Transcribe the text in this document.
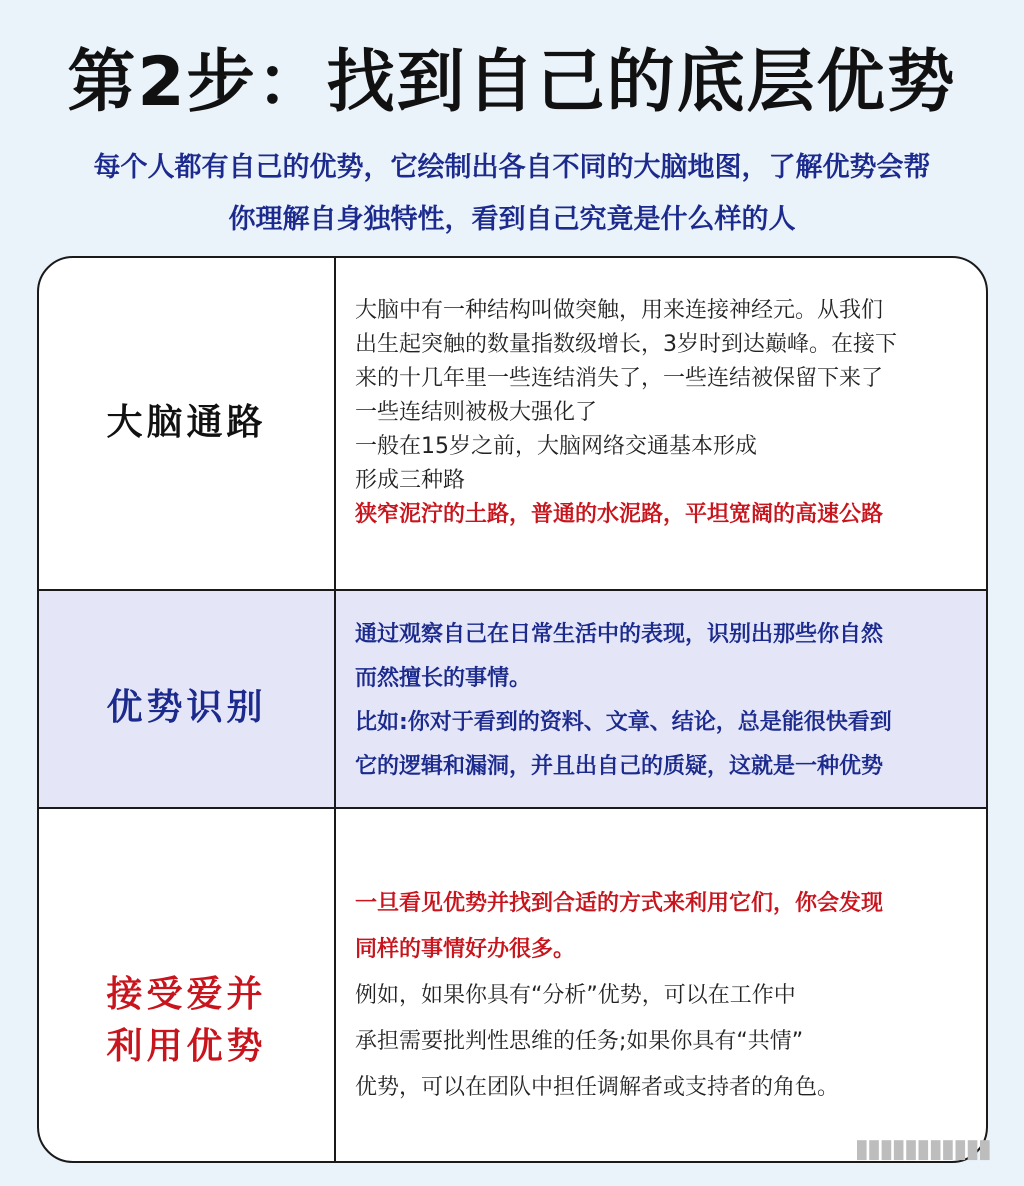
第2步：找到自己的底层优势
每个人都有自己的优势，它绘制出各自不同的大脑地图，了解优势会帮
你理解自身独特性，看到自己究竟是什么样的人
大脑通路
大脑中有一种结构叫做突触，用来连接神经元。从我们
出生起突触的数量指数级增长，3岁时到达巅峰。在接下
来的十几年里一些连结消失了，一些连结被保留下来了
一些连结则被极大强化了
一般在15岁之前，大脑网络交通基本形成
形成三种路
狭窄泥泞的土路，普通的水泥路，平坦宽阔的高速公路
优势识别
通过观察自己在日常生活中的表现，识别出那些你自然
而然擅长的事情。
比如:你对于看到的资料、文章、结论，总是能很快看到
它的逻辑和漏洞，并且出自己的质疑，这就是一种优势
接受爱并
利用优势
一旦看见优势并找到合适的方式来利用它们，你会发现
同样的事情好办很多。
例如，如果你具有“分析”优势，可以在工作中
承担需要批判性思维的任务;如果你具有“共情”
优势，可以在团队中担任调解者或支持者的角色。
▮▮▮▮▮▮▮▮▮▮▮
